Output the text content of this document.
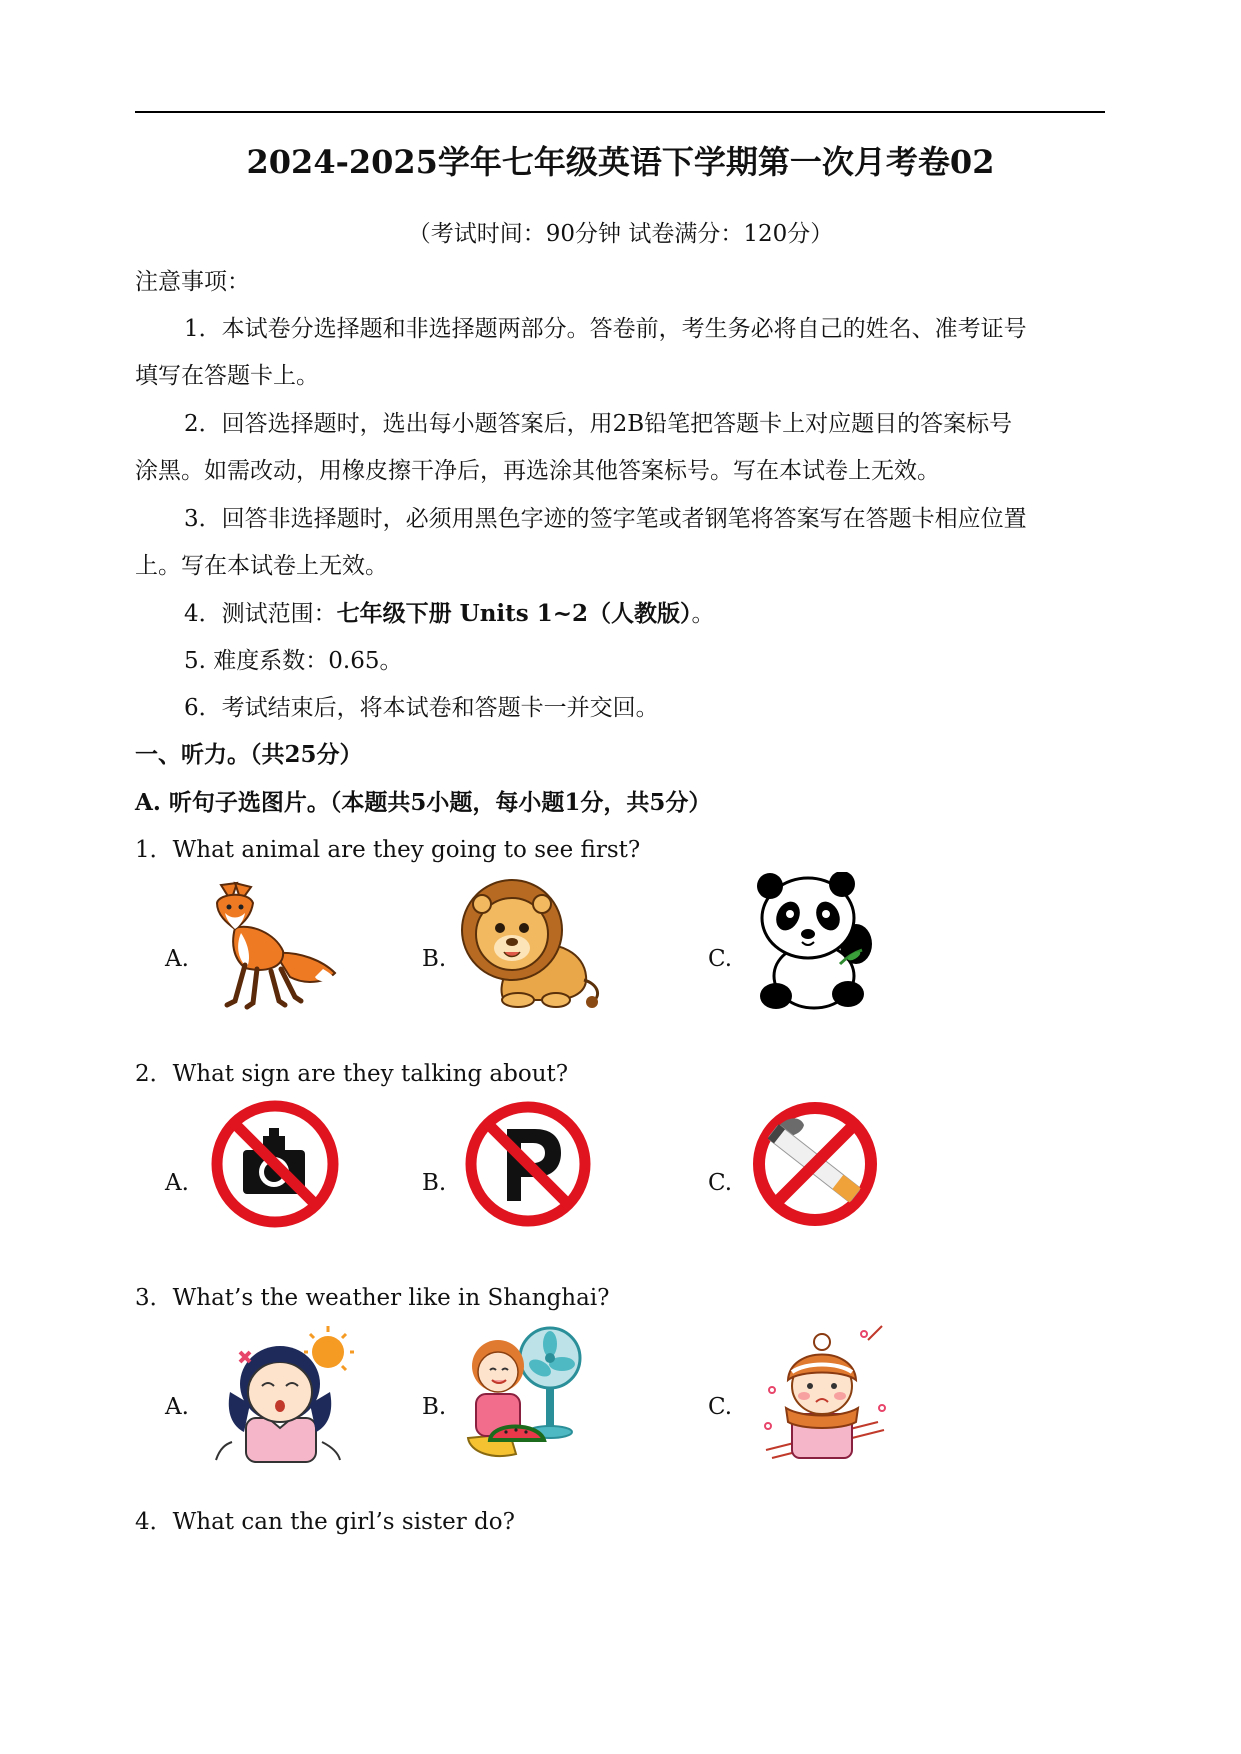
2024-2025学年七年级英语下学期第一次月考卷02
（考试时间：90分钟 试卷满分：120分）
注意事项：
1．本试卷分选择题和非选择题两部分。答卷前，考生务必将自己的姓名、准考证号
填写在答题卡上。
2．回答选择题时，选出每小题答案后，用2B铅笔把答题卡上对应题目的答案标号
涂黑。如需改动，用橡皮擦干净后，再选涂其他答案标号。写在本试卷上无效。
3．回答非选择题时，必须用黑色字迹的签字笔或者钢笔将答案写在答题卡相应位置
上。写在本试卷上无效。
4．测试范围：七年级下册 Units 1~2（人教版）。
5. 难度系数：0.65。
6．考试结束后，将本试卷和答题卡一并交回。
一、听力。（共25分）
A. 听句子选图片。（本题共5小题，每小题1分，共5分）
1．What animal are they going to see first?
A.	B.	C.
2．What sign are they talking about?
A.	B.	C.
3．What’s the weather like in Shanghai?
A.	B.	C.
4．What can the girl’s sister do?
